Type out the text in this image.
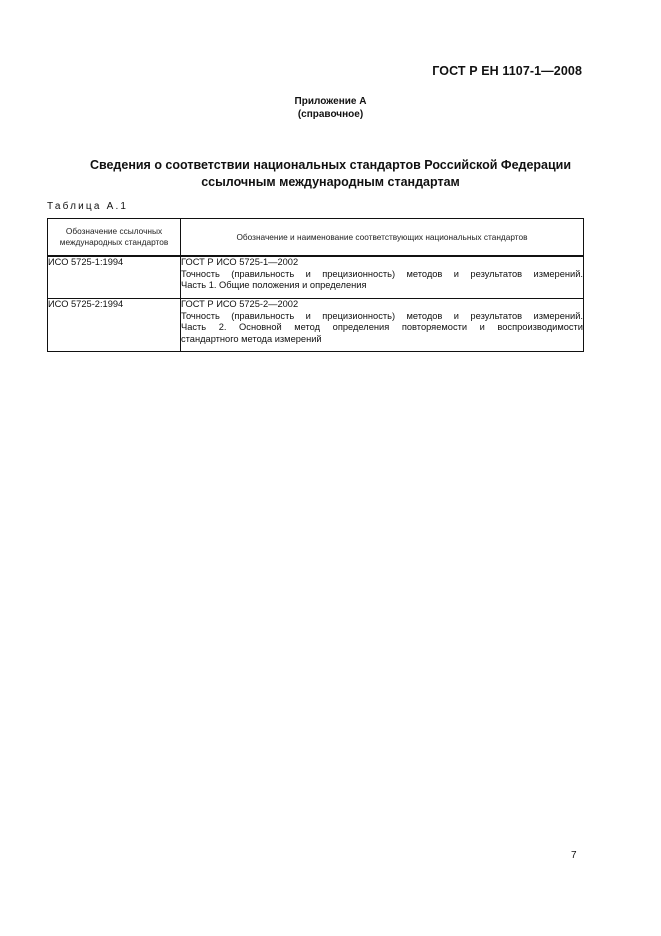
ГОСТ Р ЕН 1107-1—2008
Приложение А
(справочное)
Сведения о соответствии национальных стандартов Российской Федерации
ссылочным международным стандартам
Таблица А.1
Обозначение ссылочных международных стандартов	Обозначение и наименование соответствующих национальных стандартов
ИСО 5725-1:1994	ГОСТ Р ИСО 5725-1—2002
Точность (правильность и прецизионность) методов и результатов измерений.
Часть 1. Общие положения и определения

ИСО 5725-2:1994	ГОСТ Р ИСО 5725-2—2002
Точность (правильность и прецизионность) методов и результатов измерений.
Часть 2. Основной метод определения повторяемости и воспроизводимости
стандартного метода измерений
7
